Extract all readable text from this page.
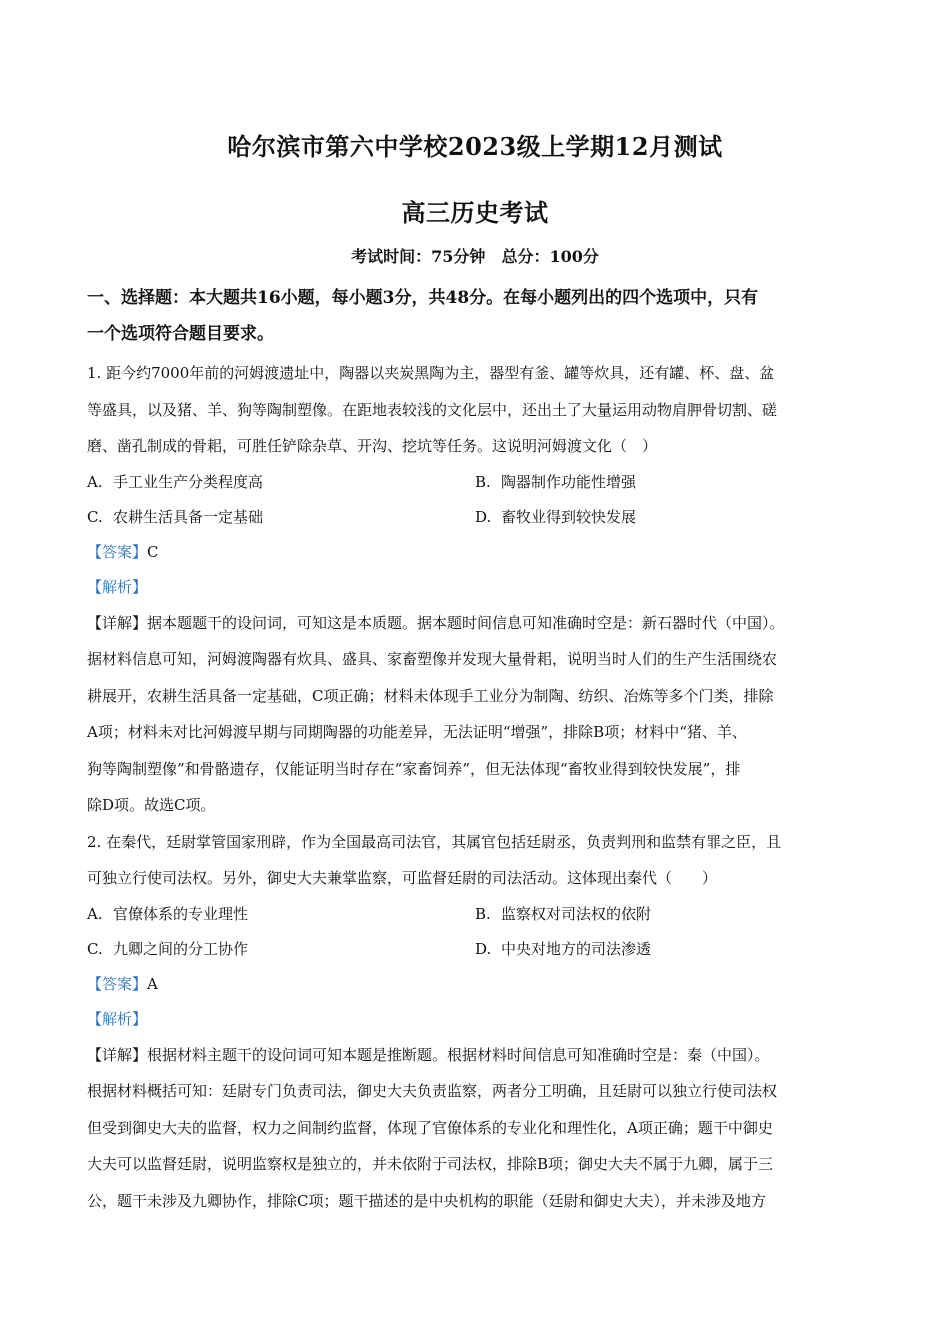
哈尔滨市第六中学校2023级上学期12月测试
高三历史考试
考试时间：75分钟 总分：100分

一、选择题：本大题共16小题，每小题3分，共48分。在每小题列出的四个选项中，只有

一个选项符合题目要求。

1. 距今约7000年前的河姆渡遗址中，陶器以夹炭黑陶为主，器型有釜、罐等炊具，还有罐、杯、盘、盆

等盛具，以及猪、羊、狗等陶制塑像。在距地表较浅的文化层中，还出土了大量运用动物肩胛骨切割、磋

磨、凿孔制成的骨耜，可胜任铲除杂草、开沟、挖坑等任务。这说明河姆渡文化（　）

A. 手工业生产分类程度高	B. 陶器制作功能性增强
C. 农耕生活具备一定基础	D. 畜牧业得到较快发展
【答案】C
【解析】

【详解】据本题题干的设问词，可知这是本质题。据本题时间信息可知准确时空是：新石器时代（中国）。

据材料信息可知，河姆渡陶器有炊具、盛具、家畜塑像并发现大量骨耜，说明当时人们的生产生活围绕农

耕展开，农耕生活具备一定基础，C项正确；材料未体现手工业分为制陶、纺织、冶炼等多个门类，排除

A项；材料未对比河姆渡早期与同期陶器的功能差异，无法证明“增强”，排除B项；材料中“猪、羊、

狗等陶制塑像”和骨骼遗存，仅能证明当时存在“家畜饲养”，但无法体现“畜牧业得到较快发展”，排

除D项。故选C项。

2. 在秦代，廷尉掌管国家刑辟，作为全国最高司法官，其属官包括廷尉丞，负责判刑和监禁有罪之臣，且

可独立行使司法权。另外，御史大夫兼掌监察，可监督廷尉的司法活动。这体现出秦代（　　）

A. 官僚体系的专业理性	B. 监察权对司法权的依附
C. 九卿之间的分工协作	D. 中央对地方的司法渗透
【答案】A
【解析】

【详解】根据材料主题干的设问词可知本题是推断题。根据材料时间信息可知准确时空是：秦（中国）。

根据材料概括可知：廷尉专门负责司法，御史大夫负责监察，两者分工明确，且廷尉可以独立行使司法权

但受到御史大夫的监督，权力之间制约监督，体现了官僚体系的专业化和理性化，A项正确；题干中御史

大夫可以监督廷尉，说明监察权是独立的，并未依附于司法权，排除B项；御史大夫不属于九卿，属于三

公，题干未涉及九卿协作，排除C项；题干描述的是中央机构的职能（廷尉和御史大夫），并未涉及地方
